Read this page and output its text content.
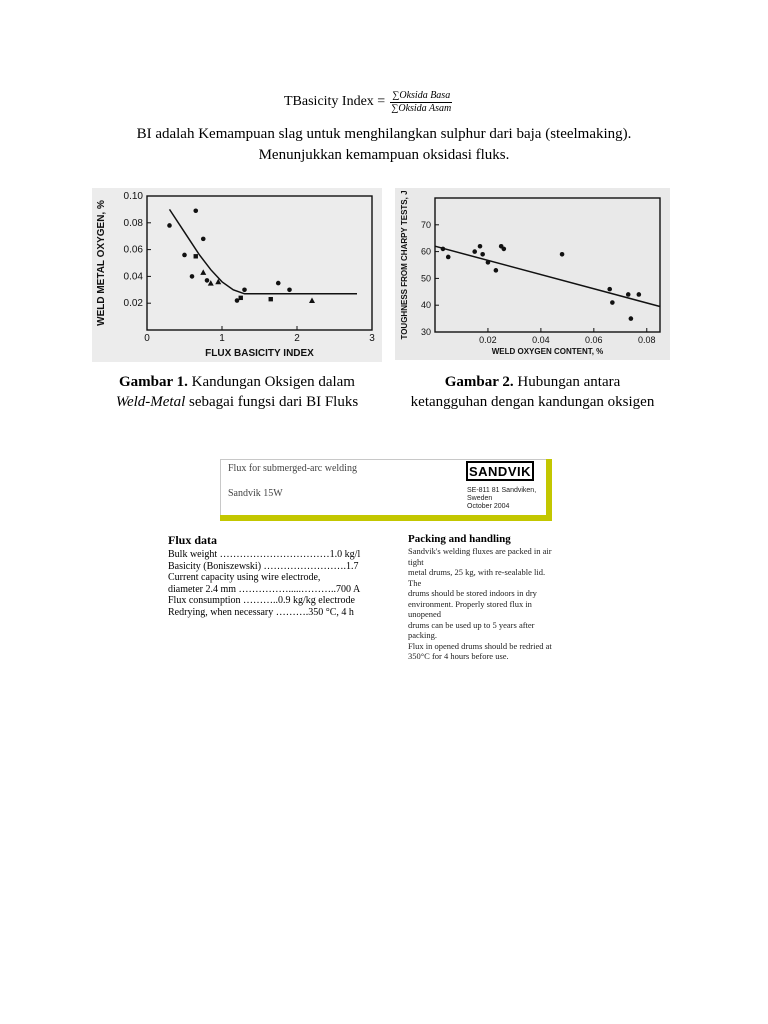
TBasicity Index = $\frac{\text{∑Oksida Basa}}{\text{∑Oksida Asam}}$
BI adalah Kemampuan slag untuk menghilangkan sulphur dari baja (steelmaking).
Menunjukkan kemampuan oksidasi fluks.
0	1	2	3
0.02
0.04
0.06
0.08
0.10
FLUX BASICITY INDEX
WELD METAL OXYGEN, %
0.02	0.04	0.06	0.08
30
40
50
60
70
WELD OXYGEN CONTENT, %
TOUGHNESS FROM CHARPY TESTS, J
Gambar 1. Kandungan Oksigen dalam
Weld-Metal sebagai fungsi dari BI Fluks
Gambar 2. Hubungan antara
ketangguhan dengan kandungan oksigen
Flux for submerged-arc welding
Sandvik 15W
SANDVIK
SE-811 81 Sandviken,
Sweden
October 2004
Flux data
Bulk weight ……………………………1.0 kg/l
Basicity (Boniszewski) …………………….1.7
Current capacity using wire electrode,
diameter 2.4 mm …………….....………..700 A
Flux consumption ………..0.9 kg/kg electrode
Redrying, when necessary ……….350 °C, 4 h
Packing and handling
Sandvik's welding fluxes are packed in air tight
metal drums, 25 kg, with re-sealable lid. The
drums should be stored indoors in dry
environment. Properly stored flux in unopened
drums can be used up to 5 years after packing.
Flux in opened drums should be redried at
350°C for 4 hours before use.
